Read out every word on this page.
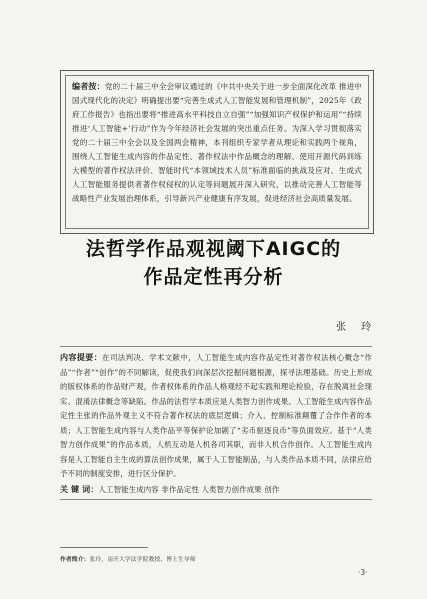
编者按：党的二十届三中全会审议通过的《中共中央关于进一步全面深化改革 推进中国式现代化的决定》明确提出要“完善生成式人工智能发展和管理机制”，2025年《政府工作报告》也指出要将“推进高水平科技自立自强”“加强知识产权保护和运用”“持续推进‘人工智能+’行动”作为今年经济社会发展的突出重点任务。为深入学习贯彻落实党的二十届三中全会以及全国两会精神，本刊组织专家学者从理论和实践两个视角，围绕人工智能生成内容的作品定性、著作权法中作品概念的理解、使用开源代码训练大模型的著作权法评价、智能时代“本领域技术人员”标准面临的挑战及应对、生成式人工智能服务提供者著作权侵权的认定等问题展开深入研究，以推动完善人工智能等战略性产业发展治理体系，引导新兴产业健康有序发展，促进经济社会高质量发展。

法哲学作品观视阈下AIGC的
作品定性再分析
张 玲

内容提要：在司法判决、学术文献中，人工智能生成内容作品定性对著作权法核心概念“作品”“作者”“创作”的不同解读，促使我们向深层次挖掘问题根源，探寻法理基础。历史上形成的版权体系的作品财产观，作者权体系的作品人格观经不起实践和理论检验，存在脱离社会现实、混淆法律概念等缺陷。作品的法哲学本质应是人类智力创作成果。人工智能生成内容作品定性主张的作品外观主义不符合著作权法的底层逻辑；介入、控制标准颠覆了合作作者的本质；人工智能生成内容与人类作品平等保护论加剧了“劣币驱逐良币”等负面效应。基于“人类智力创作成果”的作品本质，人机互动是人机各司其职，而非人机合作创作。人工智能生成内容是人工智能自主生成的算法创作成果，属于人工智能制品，与人类作品本质不同，法律应给予不同的制度安排，进行区分保护。

关 键 词：人工智能生成内容 非作品定性 人类智力创作成果 创作

作者简介：张玲，南开大学法学院教授、博士生导师
·3·
